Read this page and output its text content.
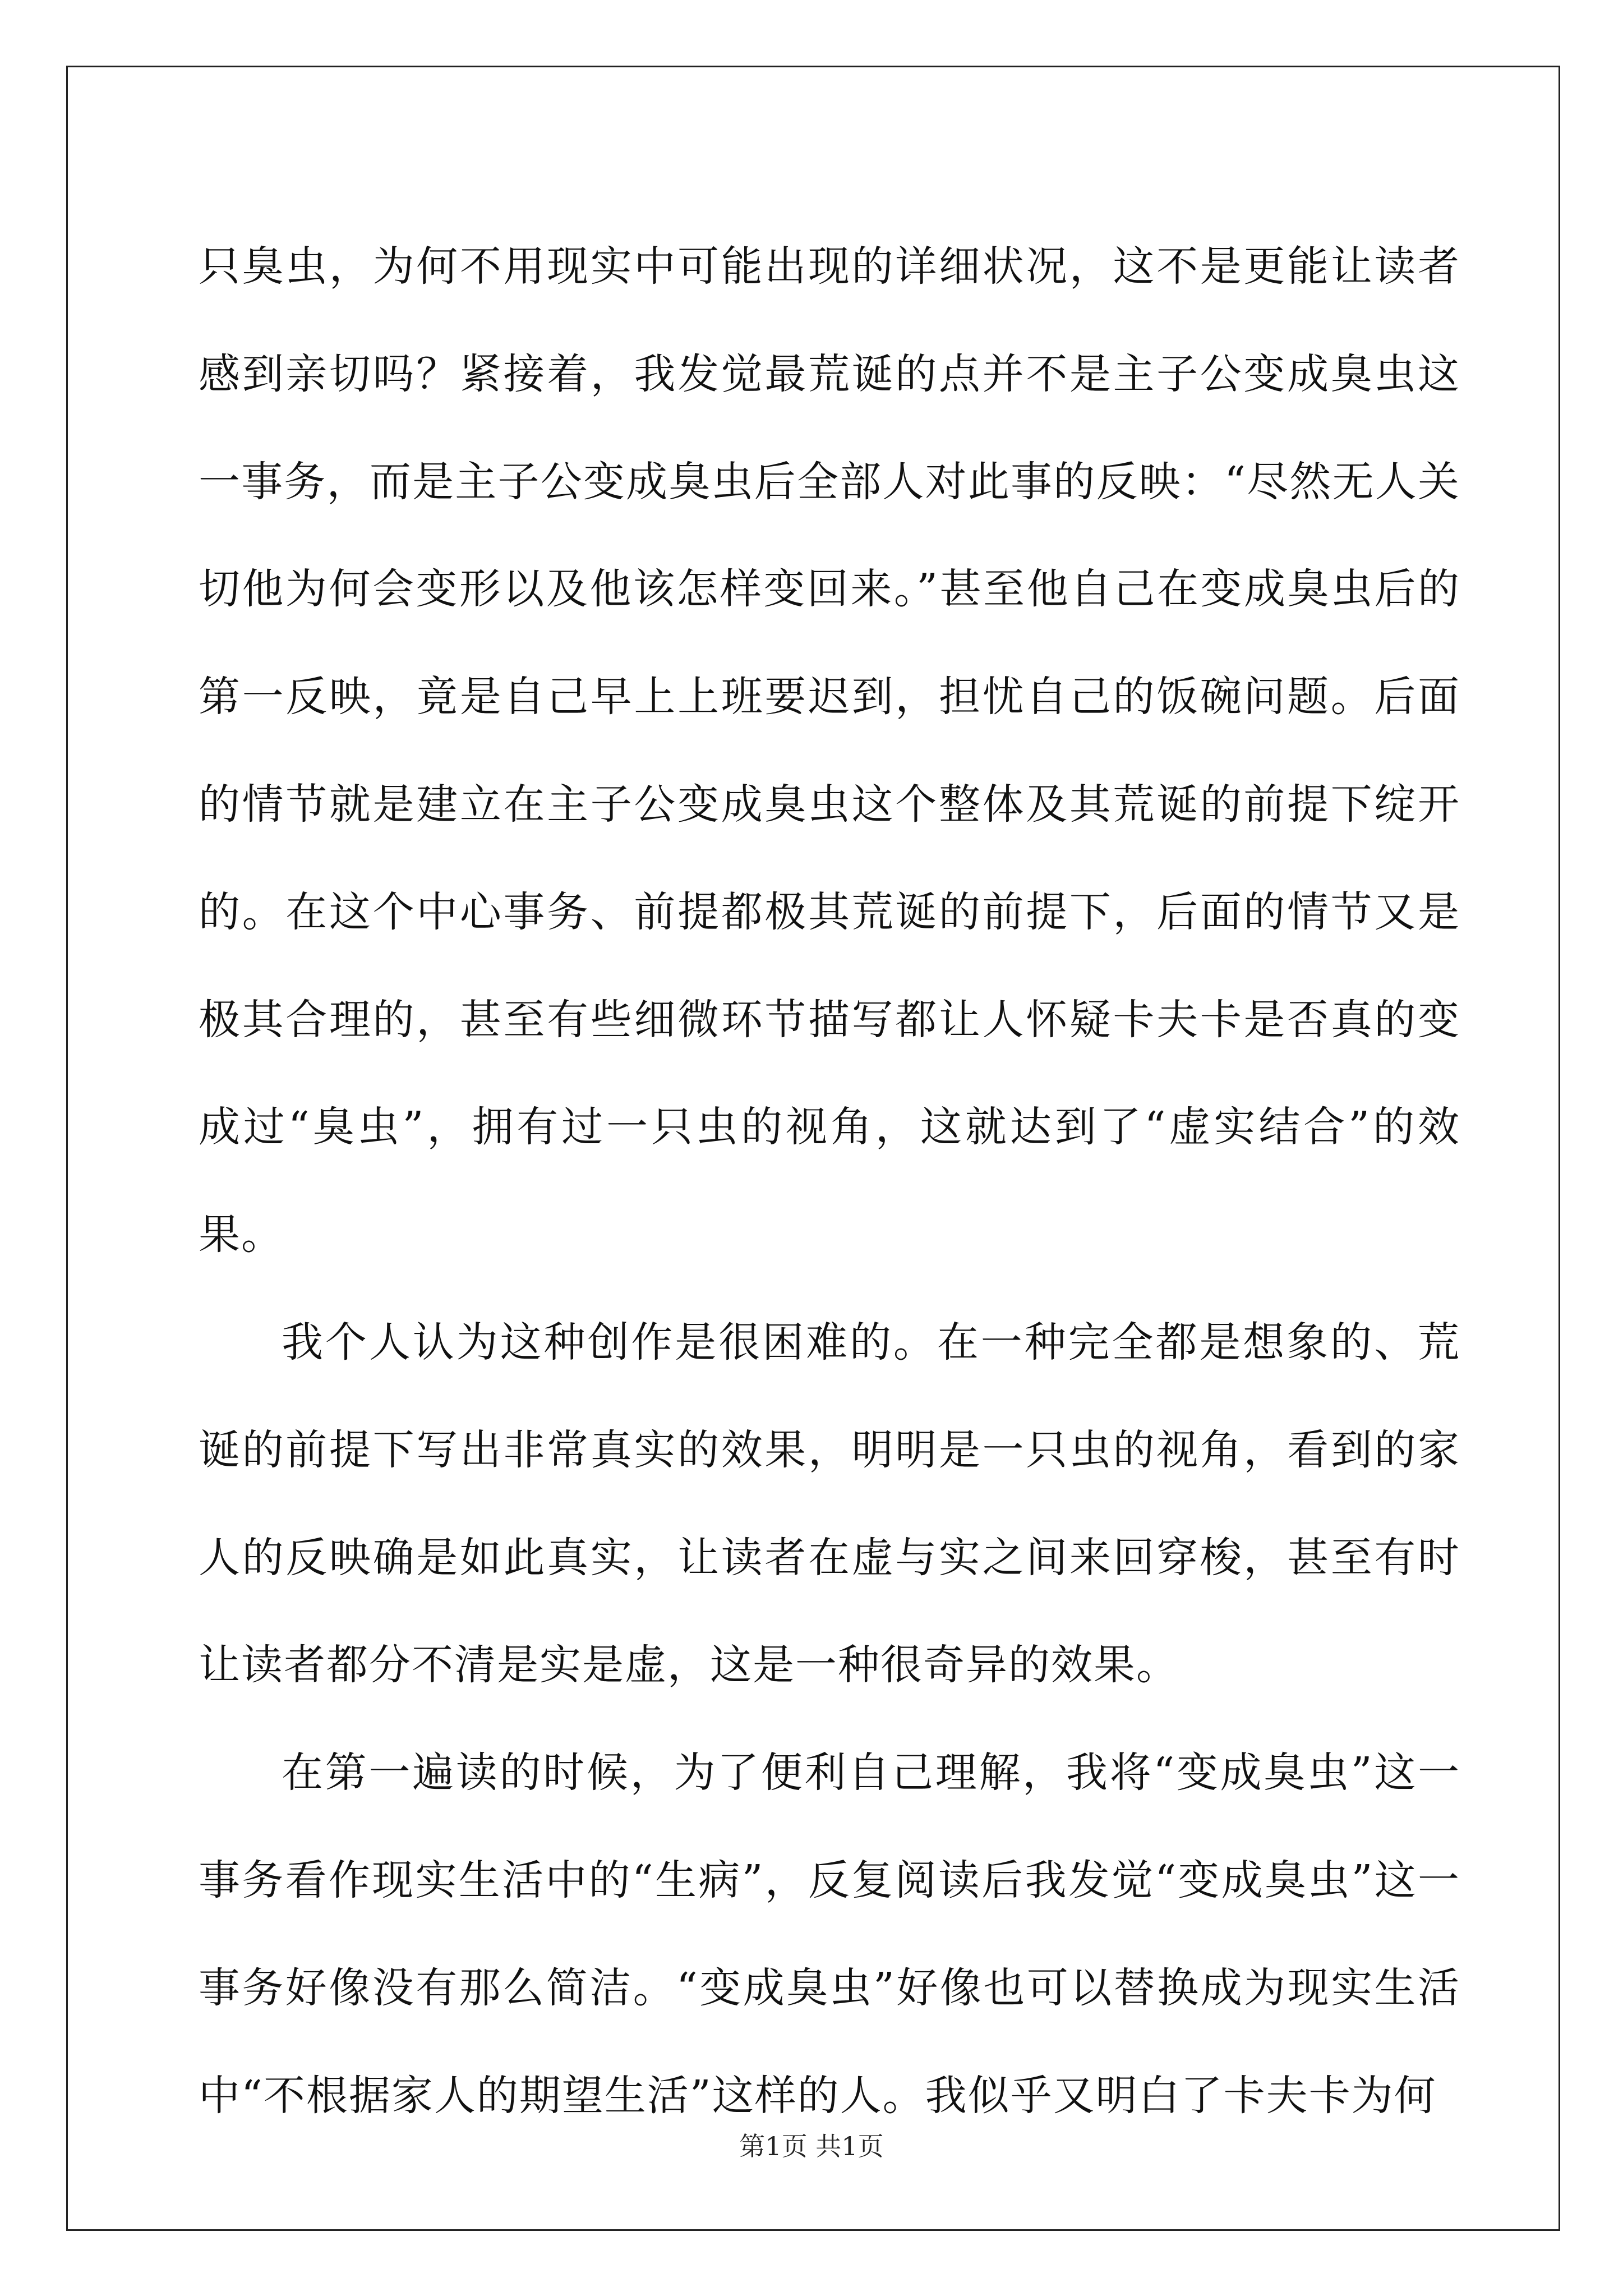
只臭虫，为何不用现实中可能出现的详细状况，这不是更能让读者感到亲切吗？紧接着，我发觉最荒诞的点并不是主子公变成臭虫这一事务，而是主子公变成臭虫后全部人对此事的反映：“尽然无人关切他为何会变形以及他该怎样变回来。”甚至他自己在变成臭虫后的第一反映，竟是自己早上上班要迟到，担忧自己的饭碗问题。后面的情节就是建立在主子公变成臭虫这个整体及其荒诞的前提下绽开的。在这个中心事务、前提都极其荒诞的前提下，后面的情节又是极其合理的，甚至有些细微环节描写都让人怀疑卡夫卡是否真的变成过“臭虫”，拥有过一只虫的视角，这就达到了“虚实结合”的效果。

我个人认为这种创作是很困难的。在一种完全都是想象的、荒诞的前提下写出非常真实的效果，明明是一只虫的视角，看到的家人的反映确是如此真实，让读者在虚与实之间来回穿梭，甚至有时让读者都分不清是实是虚，这是一种很奇异的效果。

在第一遍读的时候，为了便利自己理解，我将“变成臭虫”这一事务看作现实生活中的“生病”，反复阅读后我发觉“变成臭虫”这一事务好像没有那么简洁。“变成臭虫”好像也可以替换成为现实生活中“不根据家人的期望生活”这样的人。我似乎又明白了卡夫卡为何

第1页 共1页
